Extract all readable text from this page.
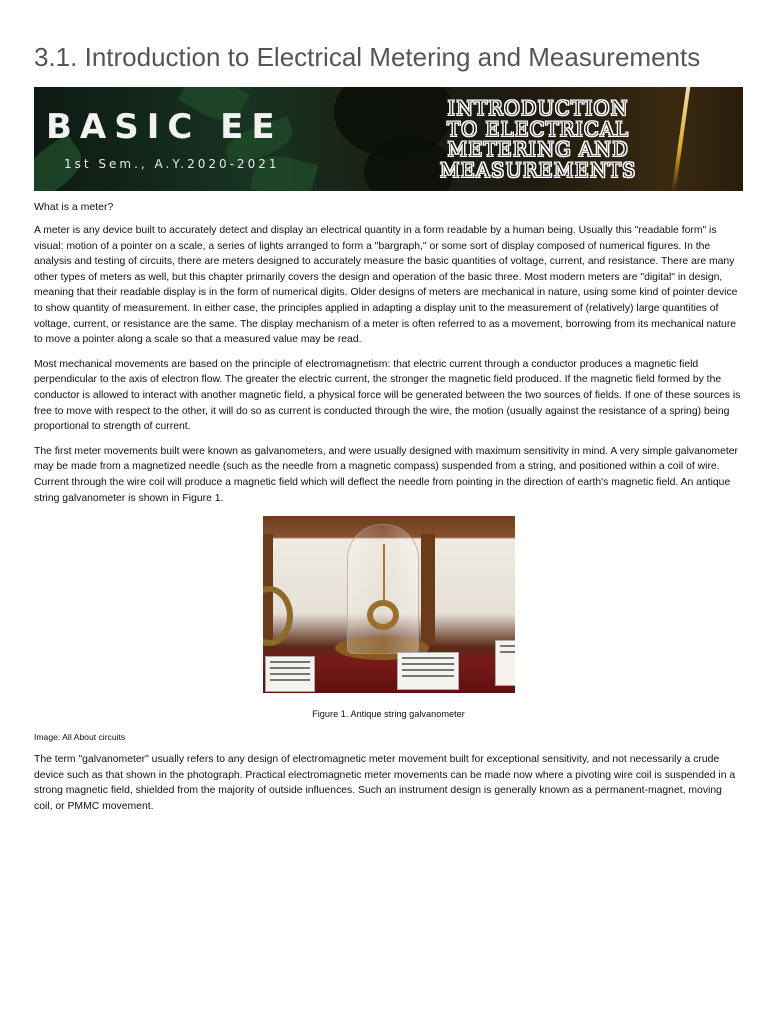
3.1. Introduction to Electrical Metering and Measurements
BASIC EE
1st Sem., A.Y.2020-2021
INTRODUCTION
TO ELECTRICAL
METERING AND
MEASUREMENTS
What is a meter?

A meter is any device built to accurately detect and display an electrical quantity in a form readable by a human being. Usually this "readable form" is visual: motion of a pointer on a scale, a series of lights arranged to form a "bargraph," or some sort of display composed of numerical figures. In the analysis and testing of circuits, there are meters designed to accurately measure the basic quantities of voltage, current, and resistance. There are many other types of meters as well, but this chapter primarily covers the design and operation of the basic three. Most modern meters are "digital" in design, meaning that their readable display is in the form of numerical digits. Older designs of meters are mechanical in nature, using some kind of pointer device to show quantity of measurement. In either case, the principles applied in adapting a display unit to the measurement of (relatively) large quantities of voltage, current, or resistance are the same. The display mechanism of a meter is often referred to as a movement, borrowing from its mechanical nature to move a pointer along a scale so that a measured value may be read.

Most mechanical movements are based on the principle of electromagnetism: that electric current through a conductor produces a magnetic field perpendicular to the axis of electron flow. The greater the electric current, the stronger the magnetic field produced. If the magnetic field formed by the conductor is allowed to interact with another magnetic field, a physical force will be generated between the two sources of fields. If one of these sources is free to move with respect to the other, it will do so as current is conducted through the wire, the motion (usually against the resistance of a spring) being proportional to strength of current.

The first meter movements built were known as galvanometers, and were usually designed with maximum sensitivity in mind. A very simple galvanometer may be made from a magnetized needle (such as the needle from a magnetic compass) suspended from a string, and positioned within a coil of wire. Current through the wire coil will produce a magnetic field which will deflect the needle from pointing in the direction of earth's magnetic field. An antique string galvanometer is shown in Figure 1.

Figure 1. Antique string galvanometer
Image: All About circuits

The term "galvanometer" usually refers to any design of electromagnetic meter movement built for exceptional sensitivity, and not necessarily a crude device such as that shown in the photograph. Practical electromagnetic meter movements can be made now where a pivoting wire coil is suspended in a strong magnetic field, shielded from the majority of outside influences. Such an instrument design is generally known as a permanent-magnet, moving coil, or PMMC movement.
